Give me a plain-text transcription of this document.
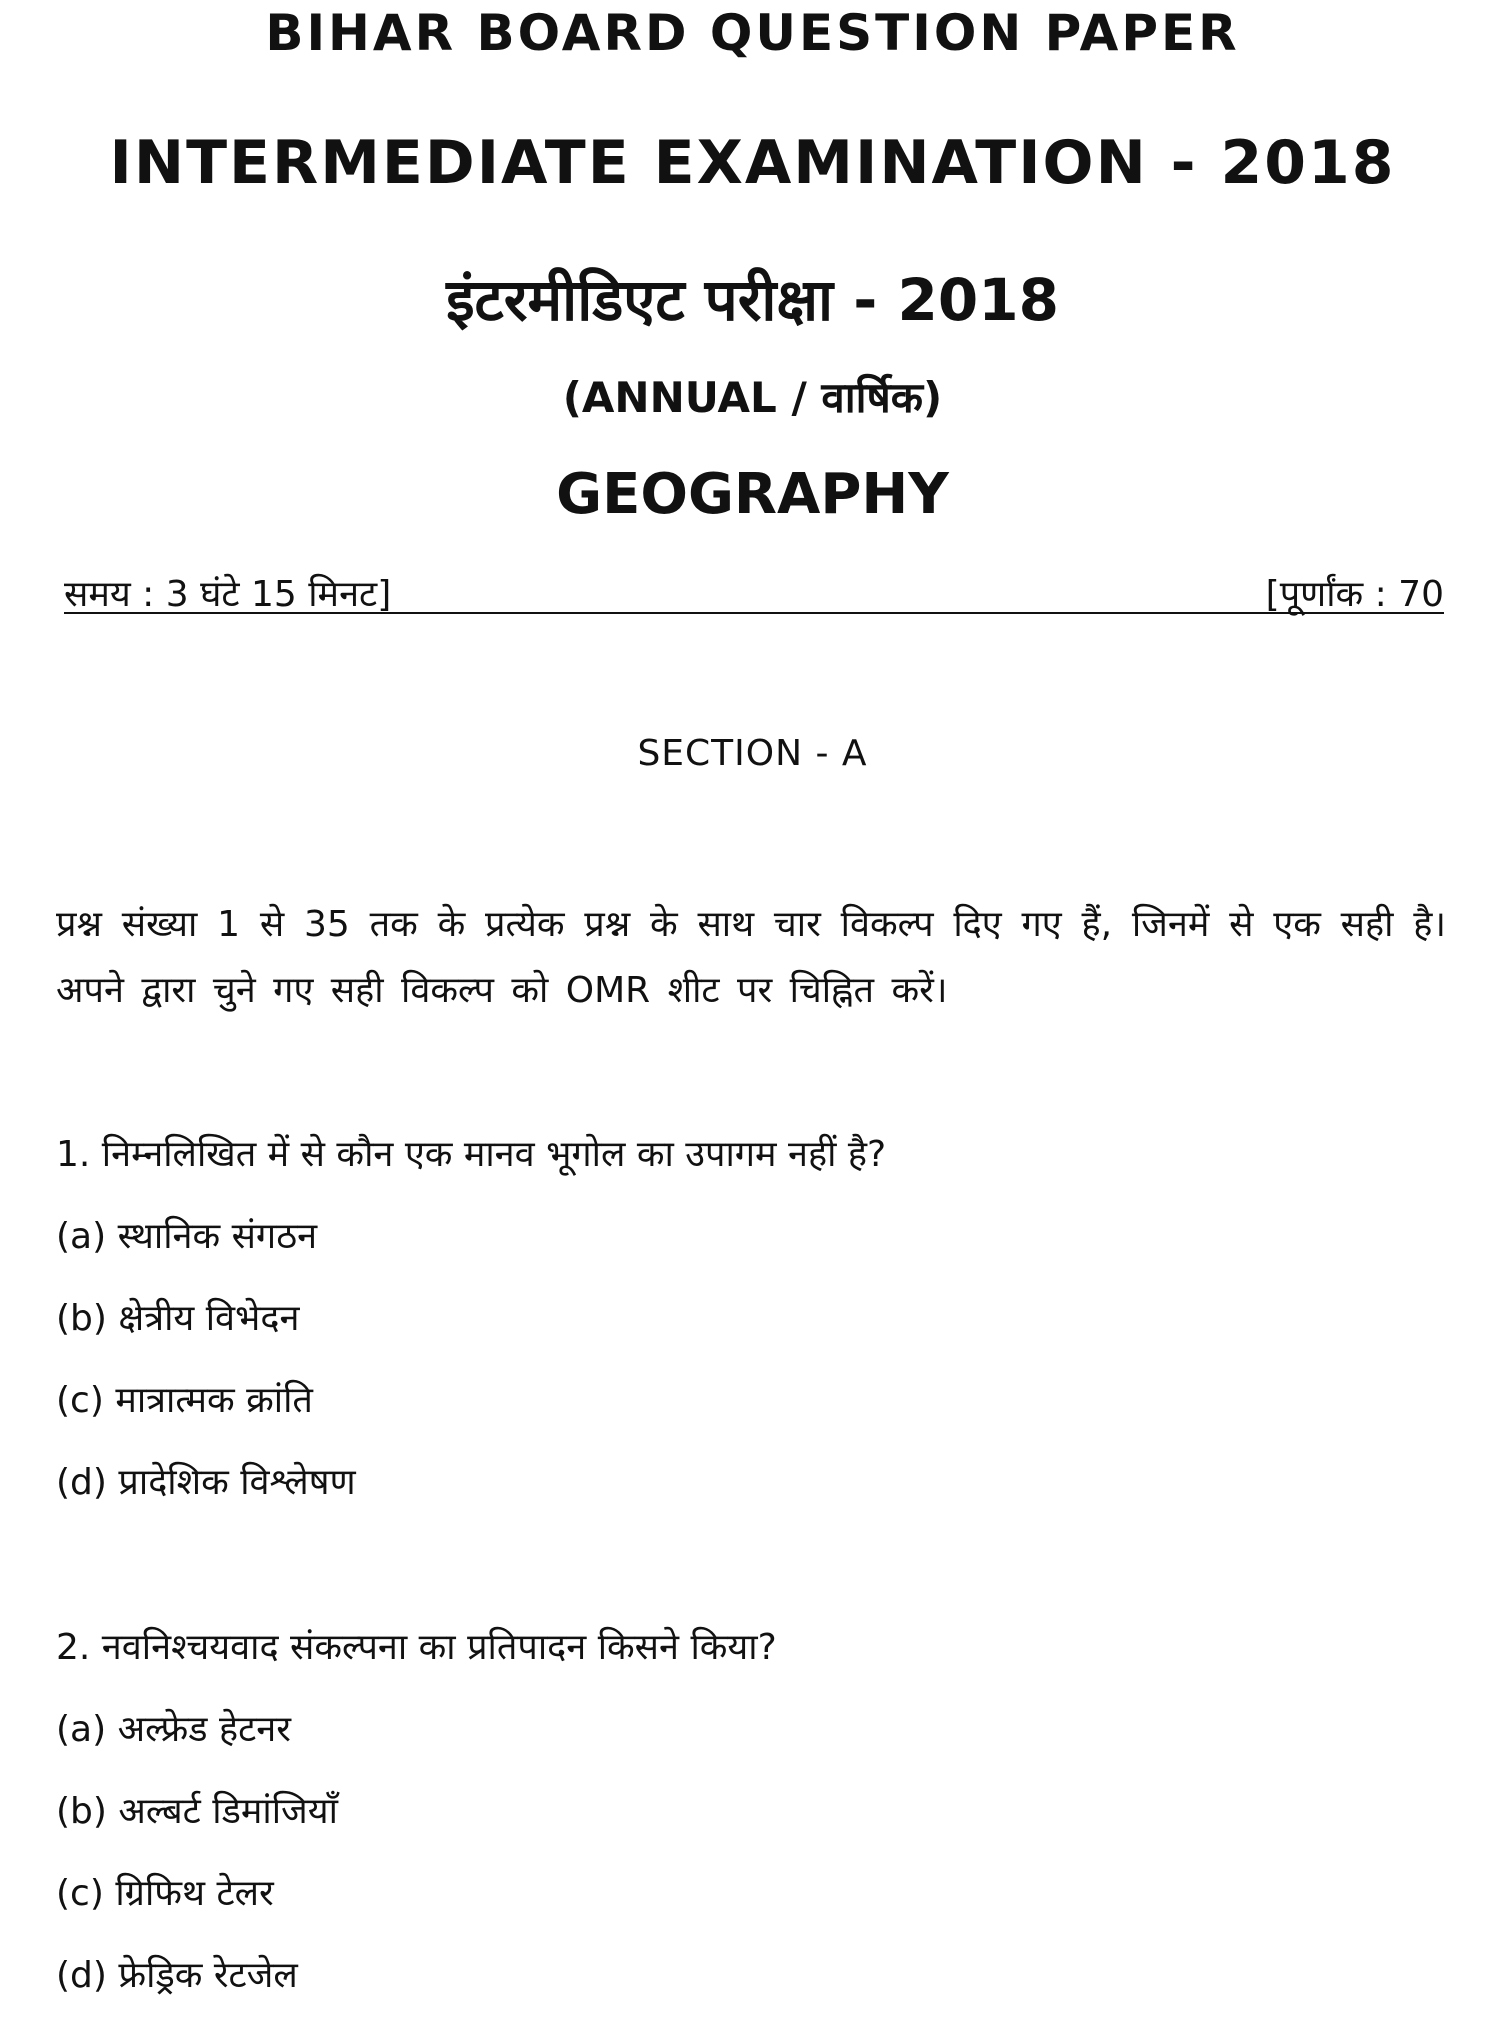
BIHAR BOARD QUESTION PAPER
INTERMEDIATE EXAMINATION - 2018
इंटरमीडिएट परीक्षा - 2018
(ANNUAL / वार्षिक)
GEOGRAPHY
समय : 3 घंटे 15 मिनट]	[पूर्णांक : 70
SECTION - A
प्रश्न संख्या 1 से 35 तक के प्रत्येक प्रश्न के साथ चार विकल्प दिए गए हैं, जिनमें से एक सही है। अपने द्वारा चुने गए सही विकल्प को OMR शीट पर चिह्नित करें।
1. निम्नलिखित में से कौन एक मानव भूगोल का उपागम नहीं है?
(a) स्थानिक संगठन
(b) क्षेत्रीय विभेदन
(c) मात्रात्मक क्रांति
(d) प्रादेशिक विश्लेषण
2. नवनिश्चयवाद संकल्पना का प्रतिपादन किसने किया?
(a) अल्फ्रेड हेटनर
(b) अल्बर्ट डिमांजियाँ
(c) ग्रिफिथ टेलर
(d) फ्रेड्रिक रेटजेल
